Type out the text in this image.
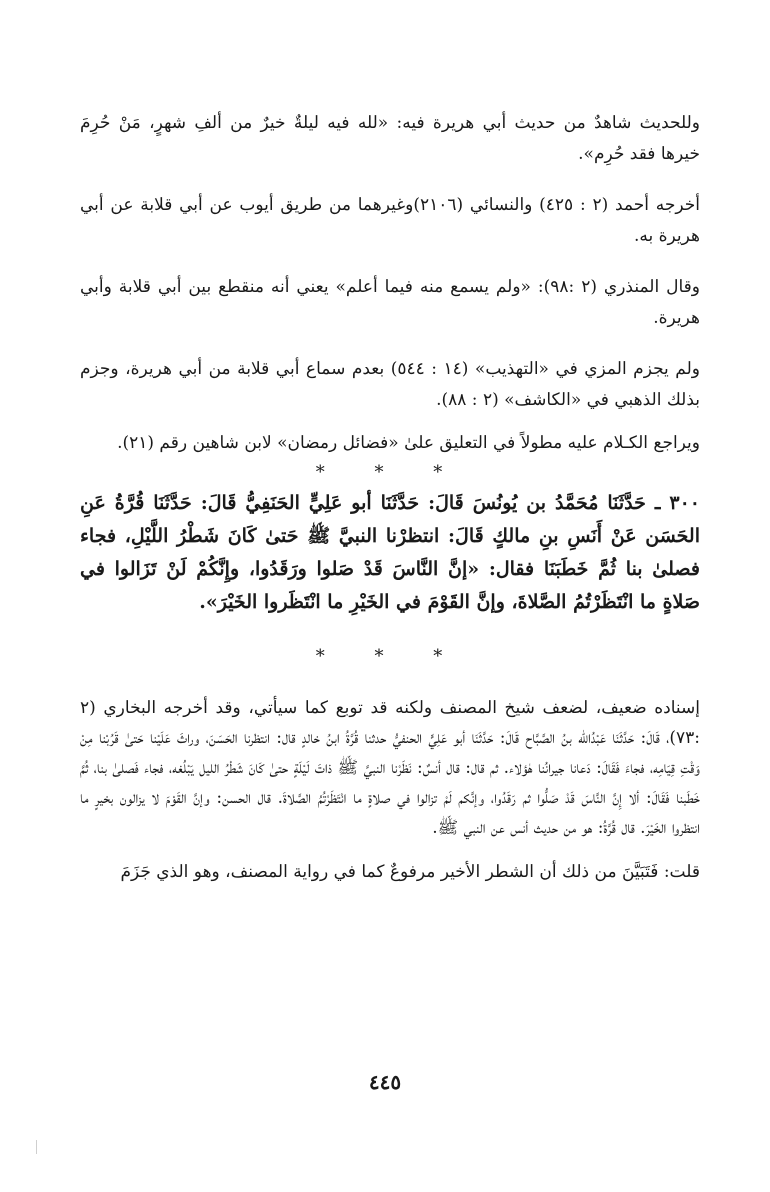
وللحديث شاهدٌ من حديث أبي هريرة فيه: «لله فيه ليلةٌ خيرٌ من ألفِ شهرٍ، مَنْ حُرِمَ خيرها فقد حُرِم».

أخرجه أحمد (٢ : ٤٢٥) والنسائي (٢١٠٦)وغيرهما من طريق أيوب عن أبي قلابة عن أبي هريرة به.

وقال المنذري (٢ :٩٨): «ولم يسمع منه فيما أعلم» يعني أنه منقطع بين أبي قلابة وأبي هريرة.

ولم يجزم المزي في «التهذيب» (١٤ : ٥٤٤) بعدم سماع أبي قلابة من أبي هريرة، وجزم بذلك الذهبي في «الكاشف» (٢ : ٨٨).

ويراجع الكـلام عليه مطولاً في التعليق علىٰ «فضائل رمضان» لابن شاهين رقم (٢١).

* * *

٣٠٠ ـ حَدَّثَنَا مُحَمَّدُ بن يُونُسَ قَالَ: حَدَّثَنَا أبو عَلِيٍّ الحَنَفِيُّ قَالَ: حَدَّثَنَا قُرَّةُ عَنِ الحَسَن عَنْ أَنَسِ بنِ مالكٍ قَالَ: انتظرْنا النبيَّ ﷺ حَتىٰ كَانَ شَطْرُ اللَّيْلِ، فجاء فصلىٰ بنا ثُمَّ خَطَبَنَا فقال: «إنَّ النَّاسَ قَدْ صَلوا ورَقَدُوا، وإِنَّكُمْ لَنْ تَزَالوا في صَلاةٍ ما انْتَظَرْتُمُ الصَّلاةَ، وإنَّ القَوْمَ في الخَيْرِ ما انْتَظَروا الخَيْرَ».

* * *

إسناده ضعيف، لضعف شيخ المصنف ولكنه قد توبع كما سيأتي، وقد أخرجه البخاري (٢ :٧٣)، قَالَ: حَدَّثَنَا عَبْدُالله بنُ الصَّبَّاح قَالَ: حَدَّثَنَا أبو عَلِيٍّ الحنفيُّ حدثنا قُرَّةُ ابنُ خالدٍ قال: انتظرنا الحَسَنَ، وراثَ عَلَيْنا حَتىٰ قَرُبْنا مِنْ وَقْتِ قِيَامِه، فجاءَ فَقَالَ: دَعانا جيرانُنا هٰؤلاء. ثم قال: قال أنسٌ: نَظَرْنا النبيَّ ﷺ ذاتَ لَيْلَةٍ حتىٰ كَانَ شَطْرُ الليل يَبْلُغه، فجاء فَصلىٰ بنا، ثُمَّ خَطَبنا فَقَالَ: ألا إِنَّ النَّاسَ قَدْ صَلُّوا ثم رَقَدُوا، وإنَّكم لَمْ تزالوا في صلاةٍ ما انْتَظَرْتُمُ الصَّلاةَ. قال الحسن: وإنَّ القَوْمَ لا يزالون بخيرٍ ما انتظروا الخَيْرَ. قال قُرَّةُ: هو من حديث أنس عن النبي ﷺ.

قلت: فَتَبَيَّنَ من ذلك أن الشطر الأخير مرفوعٌ كما في رواية المصنف، وهو الذي جَزَمَ

٤٤٥
